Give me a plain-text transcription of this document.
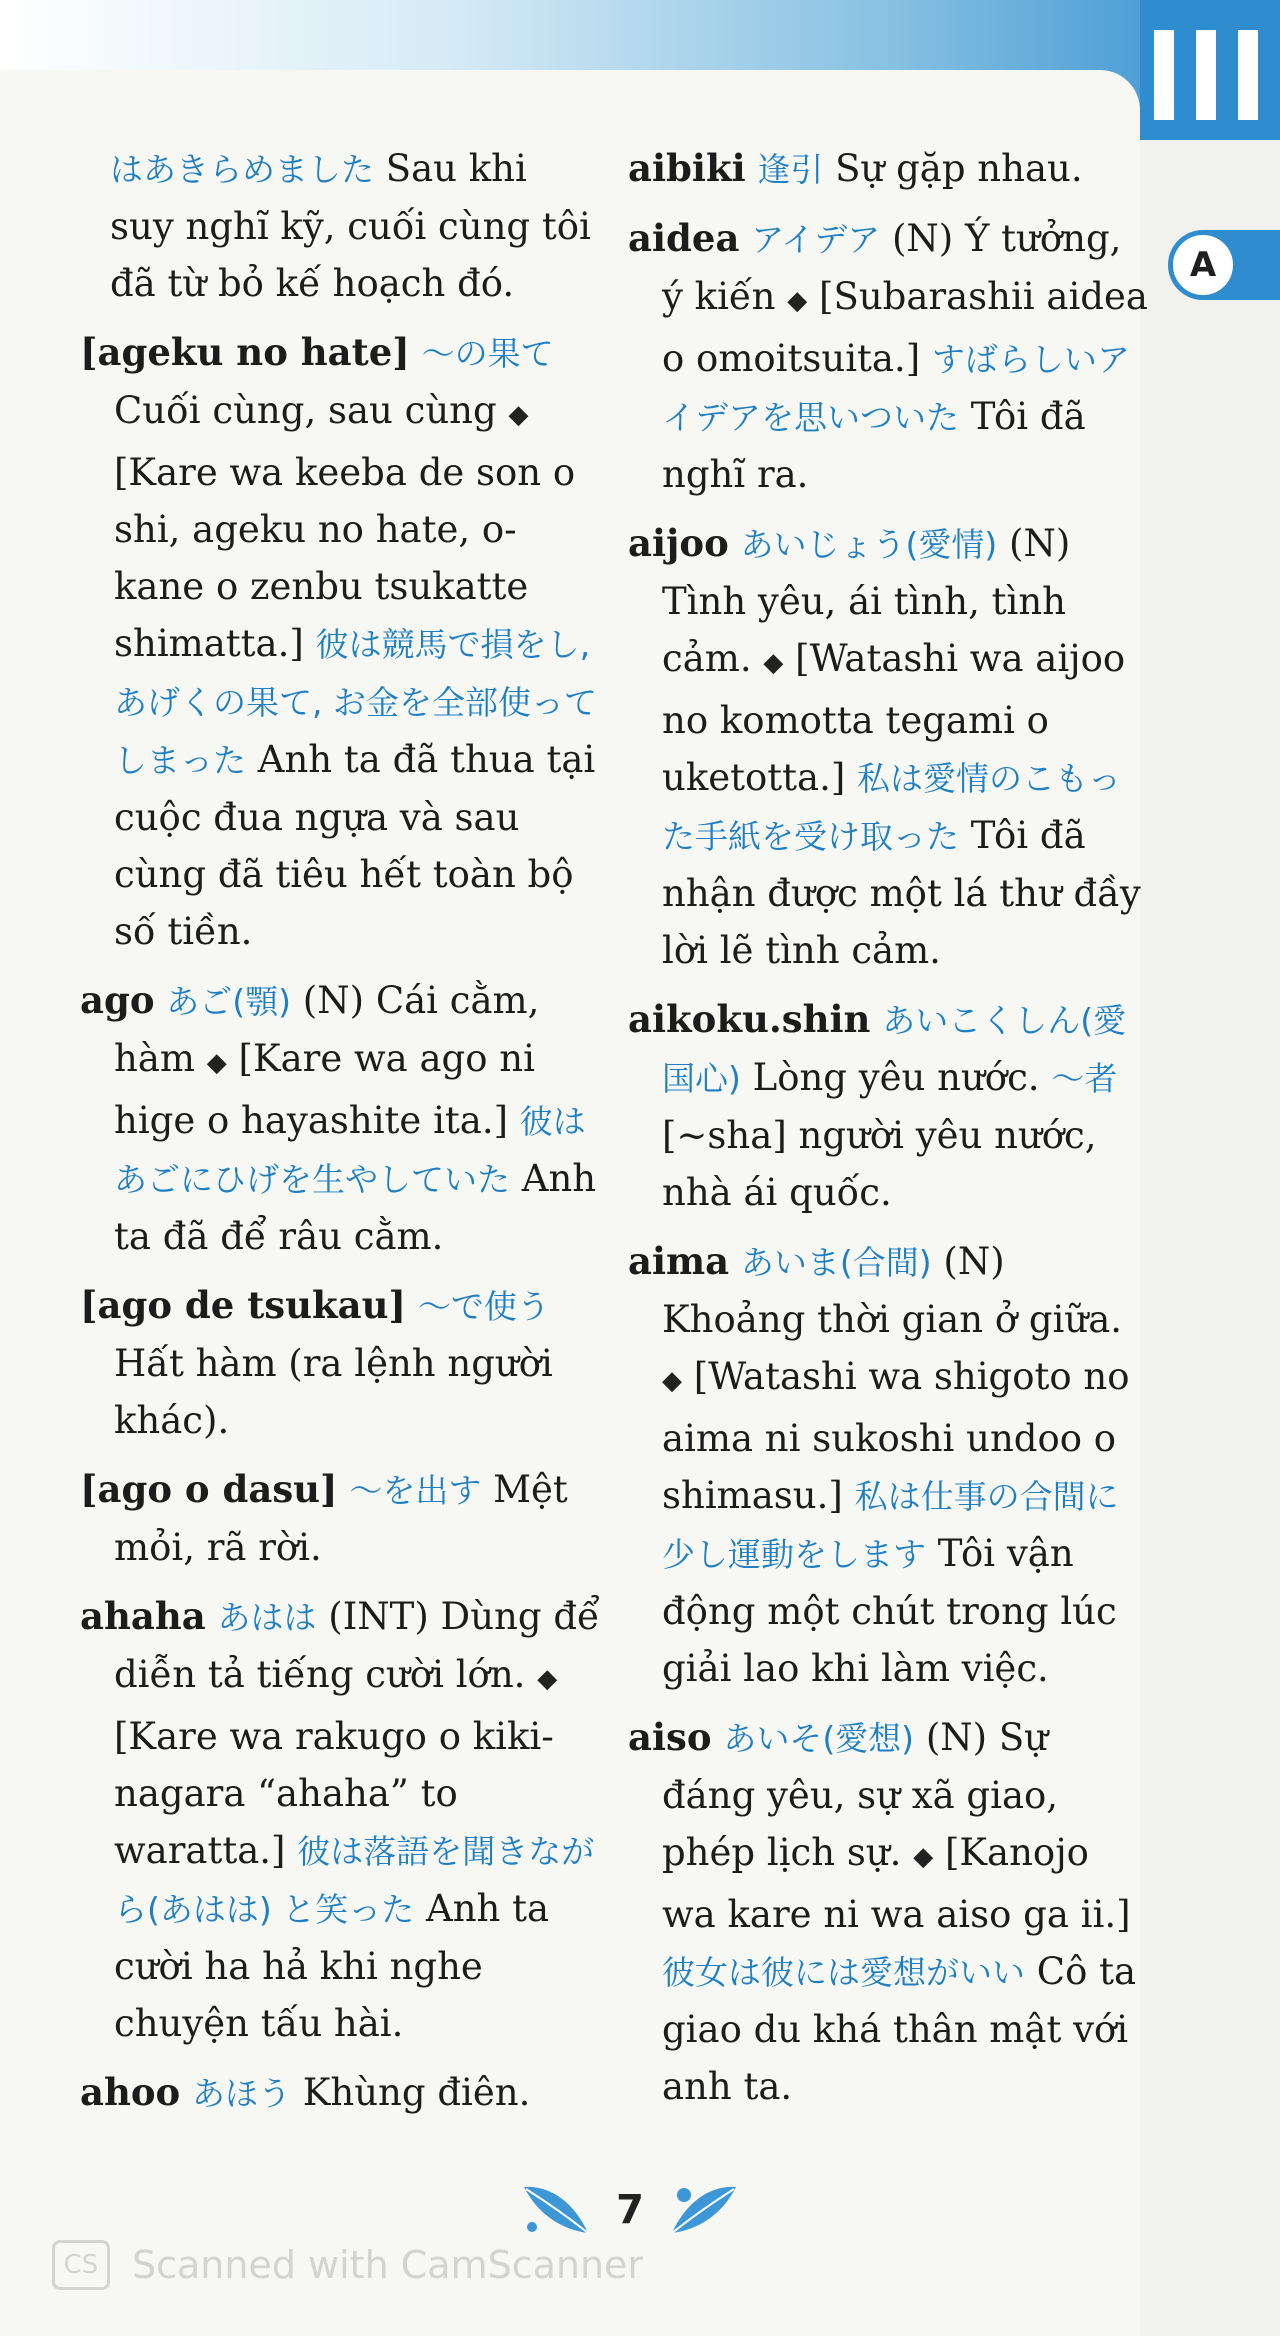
A
はあきらめました Sau khi suy nghĩ kỹ, cuối cùng tôi đã từ bỏ kế hoạch đó.
[ageku no hate] ～の果て Cuối cùng, sau cùng ◆ [Kare wa keeba de son o shi, ageku no hate, o-kane o zenbu tsukatte shimatta.] 彼は競馬で損をし, あげくの果て, お金を全部使ってしまった Anh ta đã thua tại cuộc đua ngựa và sau cùng đã tiêu hết toàn bộ số tiền.
ago あご(顎) (N) Cái cằm, hàm ◆ [Kare wa ago ni hige o hayashite ita.] 彼はあごにひげを生やしていた Anh ta đã để râu cằm.
[ago de tsukau] ～で使う Hất hàm (ra lệnh người khác).
[ago o dasu] ～を出す Mệt mỏi, rã rời.
ahaha あはは (INT) Dùng để diễn tả tiếng cười lớn. ◆ [Kare wa rakugo o kiki-nagara “ahaha” to waratta.] 彼は落語を聞きながら(あはは) と笑った Anh ta cười ha hả khi nghe chuyện tấu hài.
ahoo あほう Khùng điên.
aibiki 逢引 Sự gặp nhau.
aidea アイデア (N) Ý tưởng, ý kiến ◆ [Subarashii aidea o omoitsuita.] すばらしいアイデアを思いついた Tôi đã nghĩ ra.
aijoo あいじょう(愛情) (N) Tình yêu, ái tình, tình cảm. ◆ [Watashi wa aijoo no komotta tegami o uketotta.] 私は愛情のこもった手紙を受け取った Tôi đã nhận được một lá thư đầy lời lẽ tình cảm.
aikoku.shin あいこくしん(愛国心) Lòng yêu nước. ～者 [~sha] người yêu nước, nhà ái quốc.
aima あいま(合間) (N) Khoảng thời gian ở giữa. ◆ [Watashi wa shigoto no aima ni sukoshi undoo o shimasu.] 私は仕事の合間に少し運動をします Tôi vận động một chút trong lúc giải lao khi làm việc.
aiso あいそ(愛想) (N) Sự đáng yêu, sự xã giao, phép lịch sự. ◆ [Kanojo wa kare ni wa aiso ga ii.] 彼女は彼には愛想がいい Cô ta giao du khá thân mật với anh ta.
7
CS Scanned with CamScanner
